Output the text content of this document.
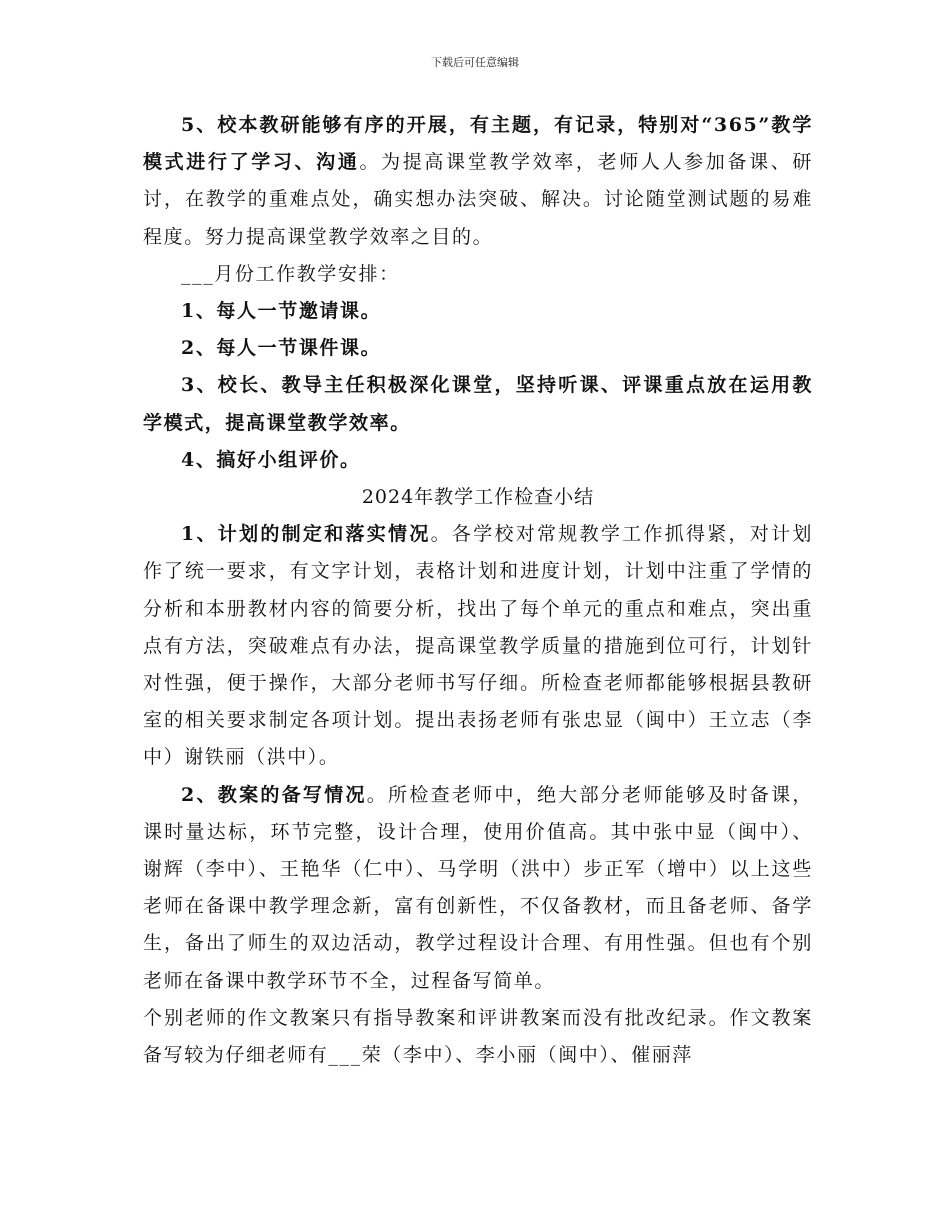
下载后可任意编辑

5、校本教研能够有序的开展，有主题，有记录，特别对“365”教学模式进行了学习、沟通。为提高课堂教学效率，老师人人参加备课、研讨，在教学的重难点处，确实想办法突破、解决。讨论随堂测试题的易难程度。努力提高课堂教学效率之目的。

___月份工作教学安排：

1、每人一节邀请课。

2、每人一节课件课。

3、校长、教导主任积极深化课堂，坚持听课、评课重点放在运用教学模式，提高课堂教学效率。

4、搞好小组评价。

2024年教学工作检查小结

1、计划的制定和落实情况。各学校对常规教学工作抓得紧，对计划作了统一要求，有文字计划，表格计划和进度计划，计划中注重了学情的分析和本册教材内容的简要分析，找出了每个单元的重点和难点，突出重点有方法，突破难点有办法，提高课堂教学质量的措施到位可行，计划针对性强，便于操作，大部分老师书写仔细。所检查老师都能够根据县教研室的相关要求制定各项计划。提出表扬老师有张忠显（闽中）王立志（李中）谢铁丽（洪中）。

2、教案的备写情况。所检查老师中，绝大部分老师能够及时备课，课时量达标，环节完整，设计合理，使用价值高。其中张中显（闽中）、谢辉（李中）、王艳华（仁中）、马学明（洪中）步正军（增中）以上这些老师在备课中教学理念新，富有创新性，不仅备教材，而且备老师、备学生，备出了师生的双边活动，教学过程设计合理、有用性强。但也有个别老师在备课中教学环节不全，过程备写简单。

个别老师的作文教案只有指导教案和评讲教案而没有批改纪录。作文教案备写较为仔细老师有___荣（李中）、李小丽（闽中）、催丽萍
